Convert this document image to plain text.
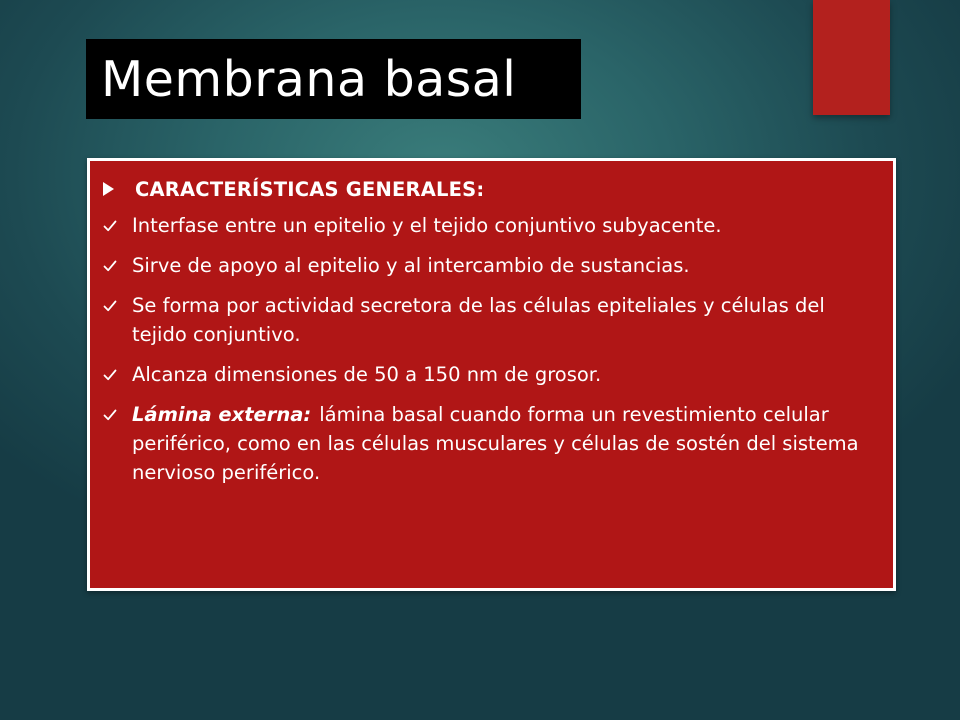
Membrana basal
CARACTERÍSTICAS GENERALES:
Interfase entre un epitelio y el tejido conjuntivo subyacente.
Sirve de apoyo al epitelio y al intercambio de sustancias.
Se forma por actividad secretora de las células epiteliales y células del tejido conjuntivo.
Alcanza dimensiones de 50 a 150 nm de grosor.
Lámina externa: lámina basal cuando forma un revestimiento celular periférico, como en las células musculares y células de sostén del sistema nervioso periférico.
